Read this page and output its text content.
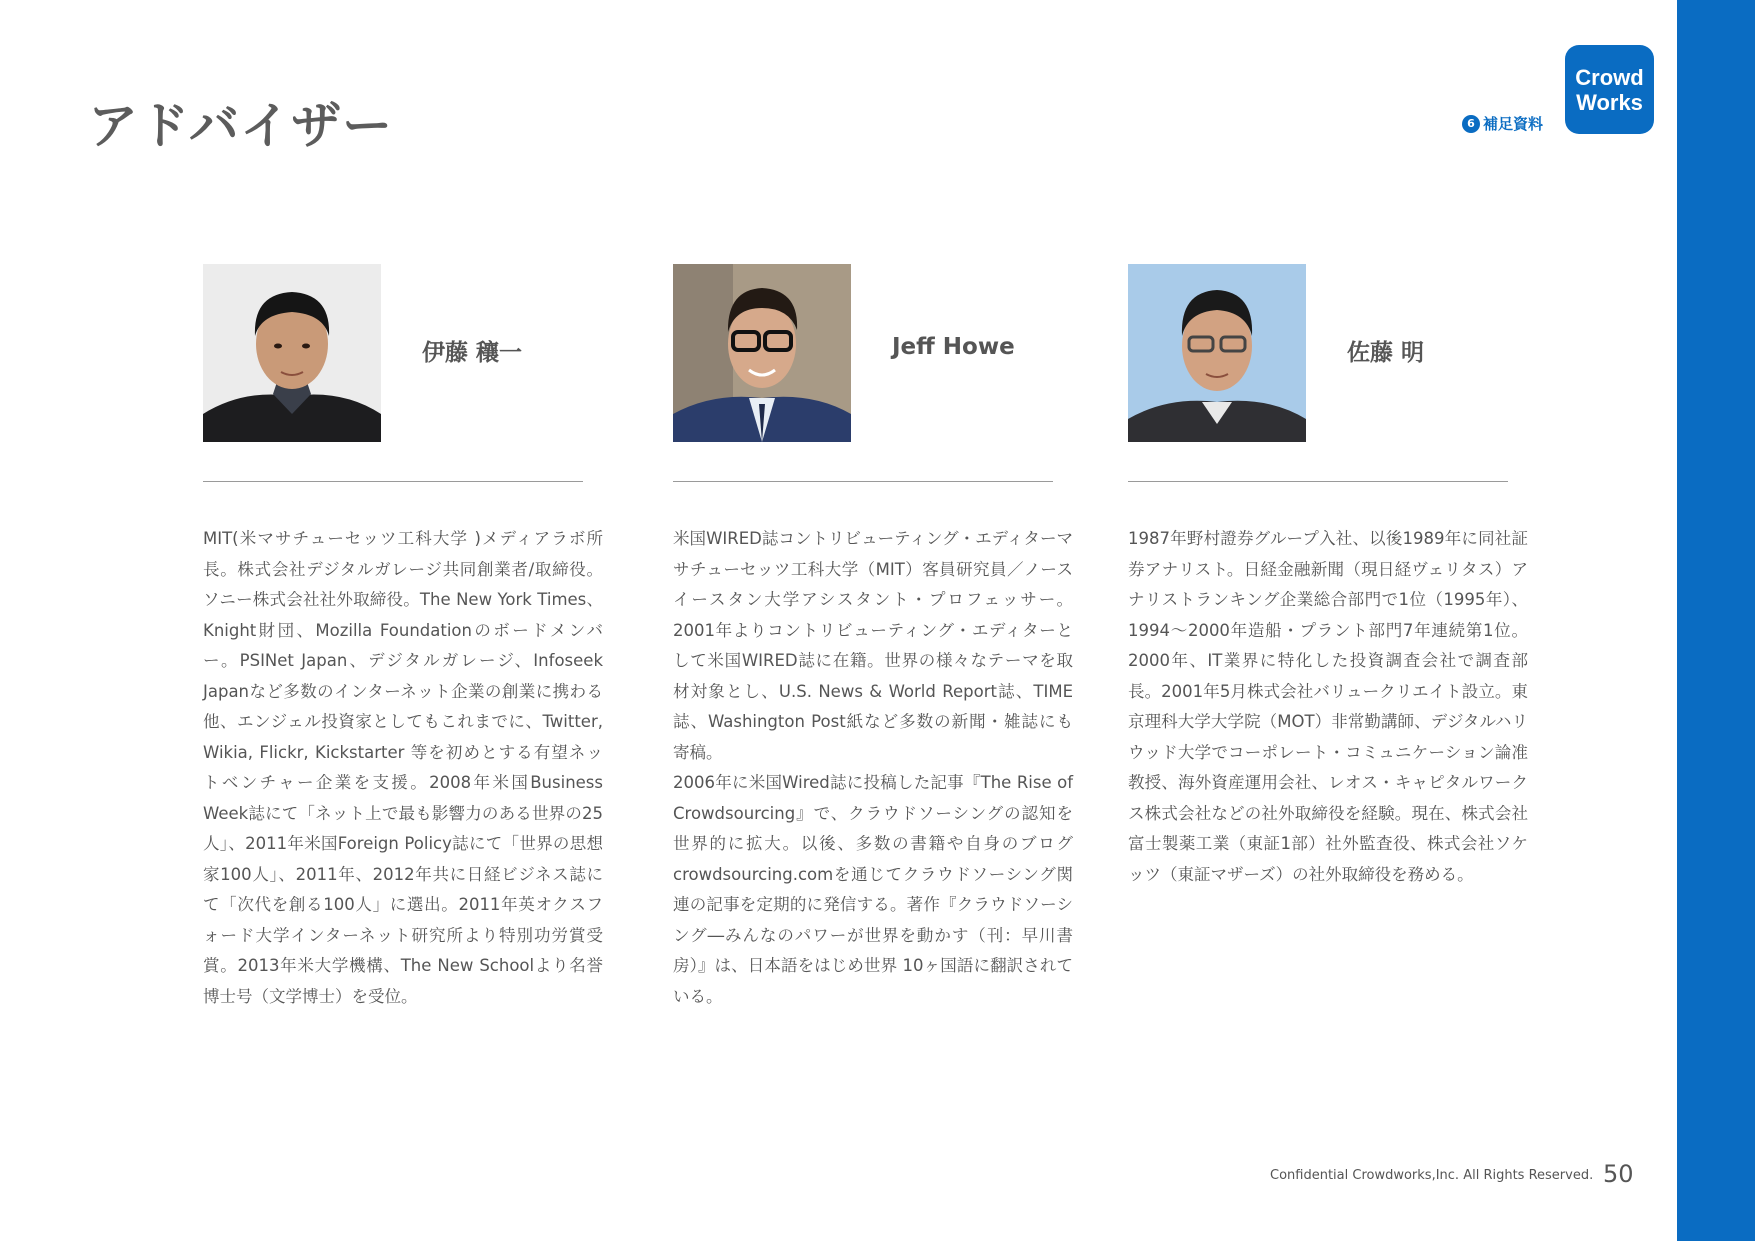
アドバイザー	6 補足資料
Crowd
Works
伊藤 穰一
MIT(米マサチューセッツ工科大学 )メディアラボ所長。株式会社デジタルガレージ共同創業者/取締役。ソニー株式会社社外取締役。The New York Times、Knight財団、Mozilla Foundationのボードメンバー。PSINet Japan、デジタルガレージ、Infoseek Japanなど多数のインターネット企業の創業に携わる他、エンジェル投資家としてもこれまでに、Twitter, Wikia, Flickr, Kickstarter 等を初めとする有望ネットベンチャー企業を支援。2008年米国Business Week誌にて「ネット上で最も影響力のある世界の25人」、2011年米国Foreign Policy誌にて「世界の思想家100人」、2011年、2012年共に日経ビジネス誌にて「次代を創る100人」に選出。2011年英オクスフォード大学インターネット研究所より特別功労賞受賞。2013年米大学機構、The New Schoolより名誉博士号（文学博士）を受位。
Jeff Howe
米国WIRED誌コントリビューティング・エディターマサチューセッツ工科大学（MIT）客員研究員／ノースイースタン大学アシスタント・プロフェッサー。2001年よりコントリビューティング・エディターとして米国WIRED誌に在籍。世界の様々なテーマを取材対象とし、U.S. News & World Report誌、TIME誌、Washington Post紙など多数の新聞・雑誌にも寄稿。
2006年に米国Wired誌に投稿した記事『The Rise of Crowdsourcing』で、クラウドソーシングの認知を世界的に拡大。以後、多数の書籍や自身のブログcrowdsourcing.comを通じてクラウドソーシング関連の記事を定期的に発信する。著作『クラウドソーシング―みんなのパワーが世界を動かす（刊：早川書房）』は、日本語をはじめ世界 10ヶ国語に翻訳されている。
佐藤 明
1987年野村證券グループ入社、以後1989年に同社証券アナリスト。日経金融新聞（現日経ヴェリタス）アナリストランキング企業総合部門で1位（1995年）、1994～2000年造船・プラント部門7年連続第1位。2000年、IT業界に特化した投資調査会社で調査部長。2001年5月株式会社バリュークリエイト設立。東京理科大学大学院（MOT）非常勤講師、デジタルハリウッド大学でコーポレート・コミュニケーション論准教授、海外資産運用会社、レオス・キャピタルワークス株式会社などの社外取締役を経験。現在、株式会社富士製薬工業（東証1部）社外監査役、株式会社ソケッツ（東証マザーズ）の社外取締役を務める。
Confidential Crowdworks,Inc. All Rights Reserved. 50
